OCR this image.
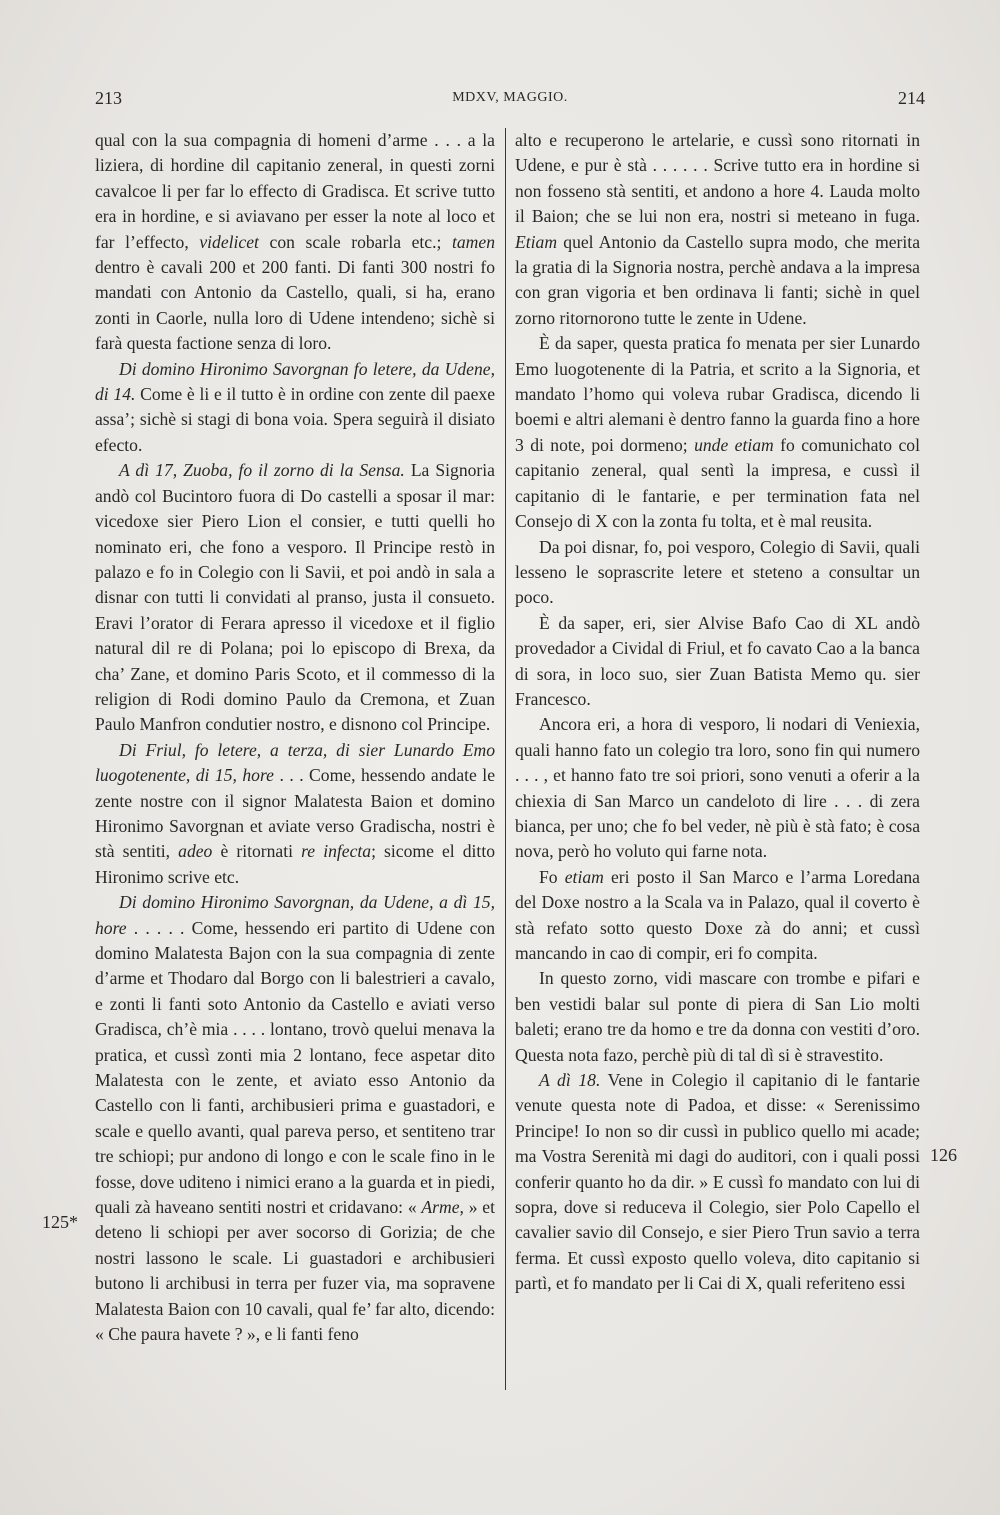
213	MDXV, MAGGIO.	214
125*
126

qual con la sua compagnia di homeni d’arme . . . a la liziera, di hordine dil capitanio zeneral, in questi zorni cavalcoe li per far lo effecto di Gradisca. Et scrive tutto era in hordine, e si aviavano per esser la note al loco et far l’effecto, videlicet con scale robarla etc.; tamen dentro è cavali 200 et 200 fanti. Di fanti 300 nostri fo mandati con Antonio da Castello, quali, si ha, erano zonti in Caorle, nulla loro di Udene intendeno; sichè si farà questa factione senza di loro.

Di domino Hironimo Savorgnan fo letere, da Udene, di 14. Come è li e il tutto è in ordine con zente dil paexe assa’; sichè si stagi di bona voia. Spera seguirà il disiato efecto.

A dì 17, Zuoba, fo il zorno di la Sensa. La Signoria andò col Bucintoro fuora di Do castelli a sposar il mar: vicedoxe sier Piero Lion el consier, e tutti quelli ho nominato eri, che fono a vesporo. Il Principe restò in palazo e fo in Colegio con li Savii, et poi andò in sala a disnar con tutti li convidati al pranso, justa il consueto. Eravi l’orator di Ferara apresso il vicedoxe et il figlio natural dil re di Polana; poi lo episcopo di Brexa, da cha’ Zane, et domino Paris Scoto, et il commesso di la religion di Rodi domino Paulo da Cremona, et Zuan Paulo Manfron condutier nostro, e disnono col Principe.

Di Friul, fo letere, a terza, di sier Lunardo Emo luogotenente, di 15, hore . . . Come, hessendo andate le zente nostre con il signor Malatesta Baion et domino Hironimo Savorgnan et aviate verso Gradischa, nostri è stà sentiti, adeo è ritornati re infecta; sicome el ditto Hironimo scrive etc.

Di domino Hironimo Savorgnan, da Udene, a dì 15, hore . . . . . Come, hessendo eri partito di Udene con domino Malatesta Bajon con la sua compagnia di zente d’arme et Thodaro dal Borgo con li balestrieri a cavalo, e zonti li fanti soto Antonio da Castello e aviati verso Gradisca, ch’è mia . . . . lontano, trovò quelui menava la pratica, et cussì zonti mia 2 lontano, fece aspetar dito Malatesta con le zente, et aviato esso Antonio da Castello con li fanti, archibusieri prima e guastadori, e scale e quello avanti, qual pareva perso, et sentiteno trar tre schiopi; pur andono di longo e con le scale fino in le fosse, dove uditeno i nimici erano a la guarda et in piedi, quali zà haveano sentiti nostri et cridavano: « Arme, » et deteno li schiopi per aver socorso di Gorizia; de che nostri lassono le scale. Li guastadori e archibusieri butono li archibusi in terra per fuzer via, ma sopravene Malatesta Baion con 10 cavali, qual fe’ far alto, dicendo: « Che paura havete ? », e li fanti feno

alto e recuperono le artelarie, e cussì sono ritornati in Udene, e pur è stà . . . . . . Scrive tutto era in hordine si non fosseno stà sentiti, et andono a hore 4. Lauda molto il Baion; che se lui non era, nostri si meteano in fuga. Etiam quel Antonio da Castello supra modo, che merita la gratia di la Signoria nostra, perchè andava a la impresa con gran vigoria et ben ordinava li fanti; sichè in quel zorno ritornorono tutte le zente in Udene.

È da saper, questa pratica fo menata per sier Lunardo Emo luogotenente di la Patria, et scrito a la Signoria, et mandato l’homo qui voleva rubar Gradisca, dicendo li boemi e altri alemani è dentro fanno la guarda fino a hore 3 di note, poi dormeno; unde etiam fo comunichato col capitanio zeneral, qual sentì la impresa, e cussì il capitanio di le fantarie, e per termination fata nel Consejo di X con la zonta fu tolta, et è mal reusita.

Da poi disnar, fo, poi vesporo, Colegio di Savii, quali lesseno le soprascrite letere et steteno a consultar un poco.

È da saper, eri, sier Alvise Bafo Cao di XL andò provedador a Cividal di Friul, et fo cavato Cao a la banca di sora, in loco suo, sier Zuan Batista Memo qu. sier Francesco.

Ancora eri, a hora di vesporo, li nodari di Veniexia, quali hanno fato un colegio tra loro, sono fin qui numero . . . , et hanno fato tre soi priori, sono venuti a oferir a la chiexia di San Marco un candeloto di lire . . . di zera bianca, per uno; che fo bel veder, nè più è stà fato; è cosa nova, però ho voluto qui farne nota.

Fo etiam eri posto il San Marco e l’arma Loredana del Doxe nostro a la Scala va in Palazo, qual il coverto è stà refato sotto questo Doxe zà do anni; et cussì mancando in cao di compir, eri fo compita.

In questo zorno, vidi mascare con trombe e pifari e ben vestidi balar sul ponte di piera di San Lio molti baleti; erano tre da homo e tre da donna con vestiti d’oro. Questa nota fazo, perchè più di tal dì si è stravestito.

A dì 18. Vene in Colegio il capitanio di le fantarie venute questa note di Padoa, et disse: « Serenissimo Principe! Io non so dir cussì in publico quello mi acade; ma Vostra Serenità mi dagi do auditori, con i quali possi conferir quanto ho da dir. » E cussì fo mandato con lui di sopra, dove si reduceva il Colegio, sier Polo Capello el cavalier savio dil Consejo, e sier Piero Trun savio a terra ferma. Et cussì exposto quello voleva, dito capitanio si partì, et fo mandato per li Cai di X, quali referiteno essi
